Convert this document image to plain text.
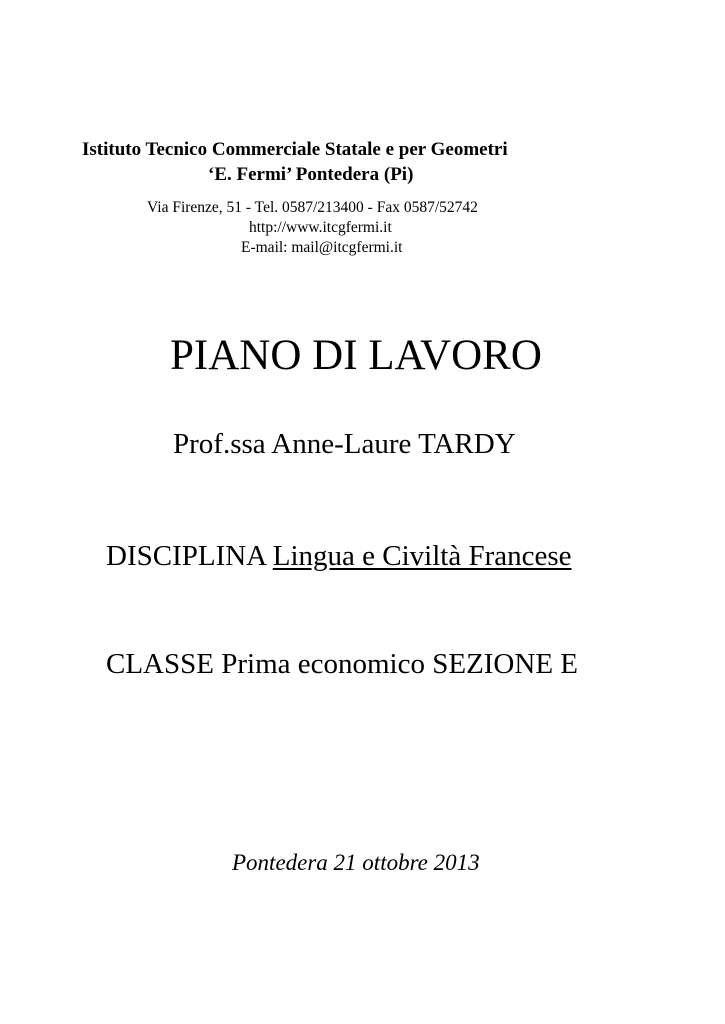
Istituto Tecnico Commerciale Statale e per Geometri
‘E. Fermi’ Pontedera (Pi)
Via Firenze, 51 - Tel. 0587/213400 - Fax 0587/52742
http://www.itcgfermi.it
E-mail: mail@itcgfermi.it
PIANO DI LAVORO
Prof.ssa Anne-Laure TARDY
DISCIPLINA Lingua e Civiltà Francese
CLASSE Prima economico SEZIONE E
Pontedera 21 ottobre 2013
